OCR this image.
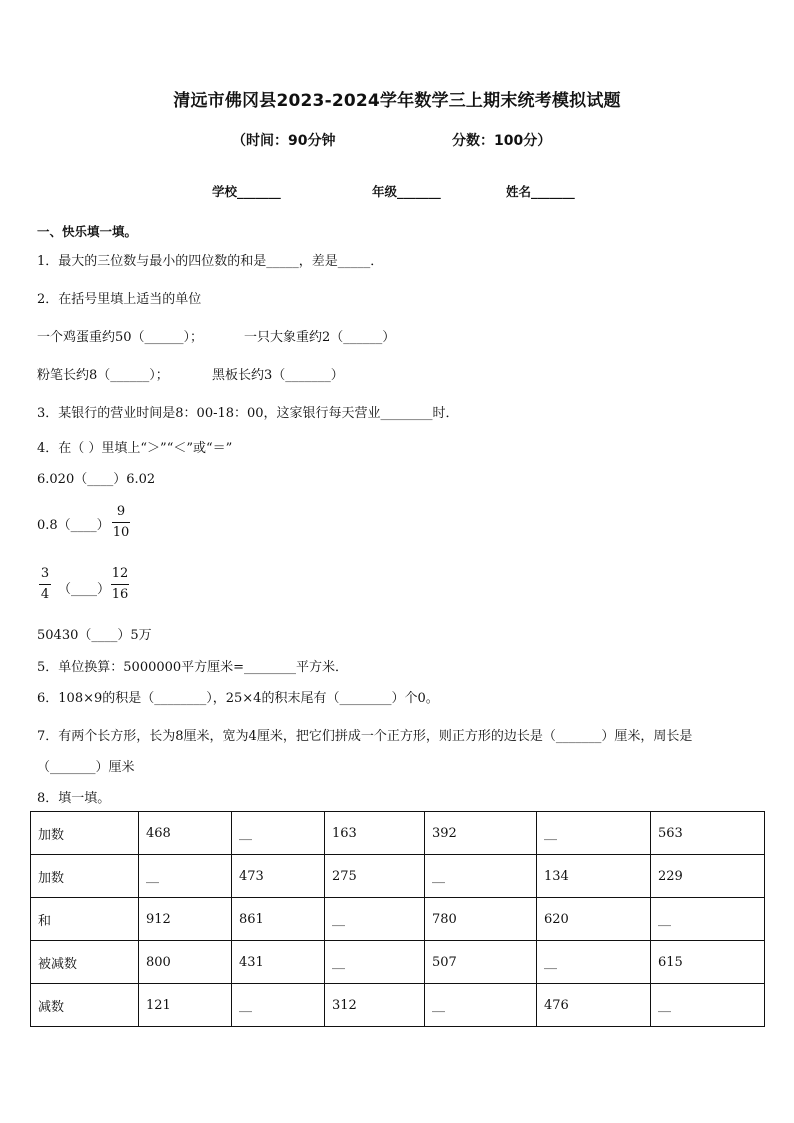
清远市佛冈县2023-2024学年数学三上期末统考模拟试题
（时间：90分钟	分数：100分）
学校_______	年级_______	姓名_______
一、快乐填一填。
1．最大的三位数与最小的四位数的和是_____，差是_____．
2．在括号里填上适当的单位
一个鸡蛋重约50（______）；	一只大象重约2（______）
粉笔长约8（______）；	黑板长约3（_______）
3．某银行的营业时间是8：00-18：00，这家银行每天营业________时．
4．在（ ）里填上“＞”“＜”或“＝”
6.020（____）6.02
0.8（____）
9
10
3
4 （____）
12
16
50430（____）5万
5．单位换算：5000000平方厘米=________平方米．
6．108×9的积是（________），25×4的积末尾有（________）个0。
7．有两个长方形，长为8厘米，宽为4厘米，把它们拼成一个正方形，则正方形的边长是（_______）厘米，周长是
（_______）厘米
8．填一填。
加数	468	__	163	392	__	563
加数	__	473	275	__	134	229
和	912	861	__	780	620	__
被减数	800	431	__	507	__	615
减数	121	__	312	__	476	__
